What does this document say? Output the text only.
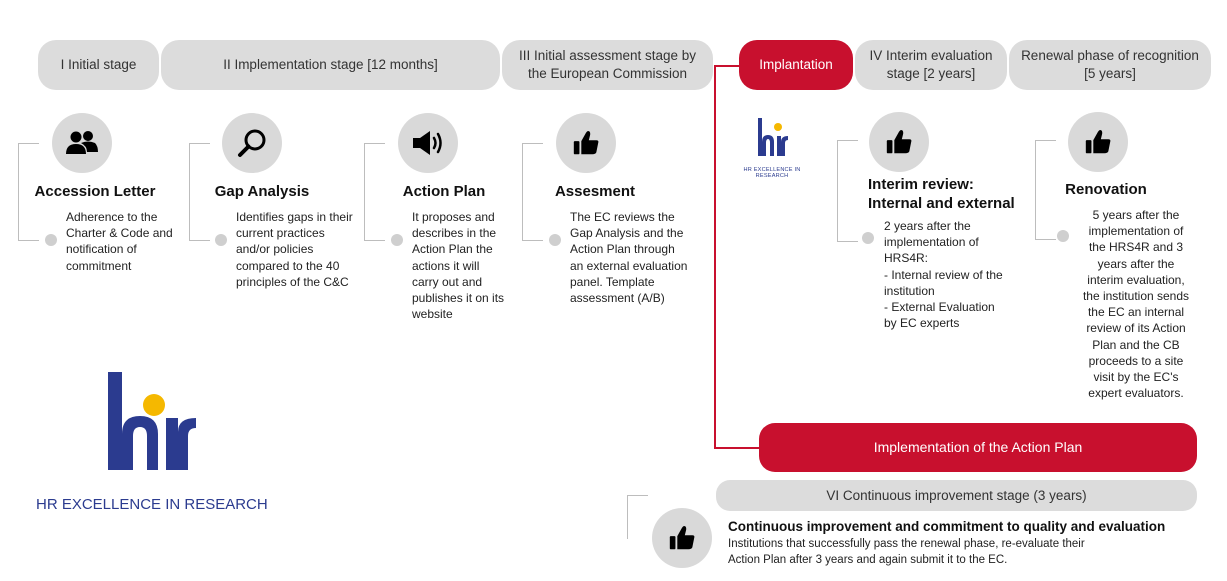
I Initial stage	II Implementation stage [12 months]
III Initial assessment stage by the European Commission
Implantation
IV Interim evaluation stage [2 years]
Renewal phase of recognition [5 years]
Accession Letter
Adherence to the Charter & Code and notification of commitment
Gap Analysis
Identifies gaps in their current practices and/or policies compared to the 40 principles of the C&C
Action Plan
It proposes and describes in the Action Plan the actions it will carry out and publishes it on its website
Assesment
The EC reviews the Gap Analysis and the Action Plan through an external evaluation panel. Template assessment (A/B)
HR EXCELLENCE IN RESEARCH	Interim review: Internal and external
2 years after the implementation of HRS4R:
- Internal review of the institution
- External Evaluation by EC experts
Renovation
5 years after the implementation of the HRS4R and 3 years after the interim evaluation, the institution sends the EC an internal review of its Action Plan and the CB proceeds to a site visit by the EC's expert evaluators.
HR EXCELLENCE IN RESEARCH
Implementation of the Action Plan
VI Continuous improvement stage (3 years)
Continuous improvement and commitment to quality and evaluation
Institutions that successfully pass the renewal phase, re-evaluate their
Action Plan after 3 years and again submit it to the EC.
